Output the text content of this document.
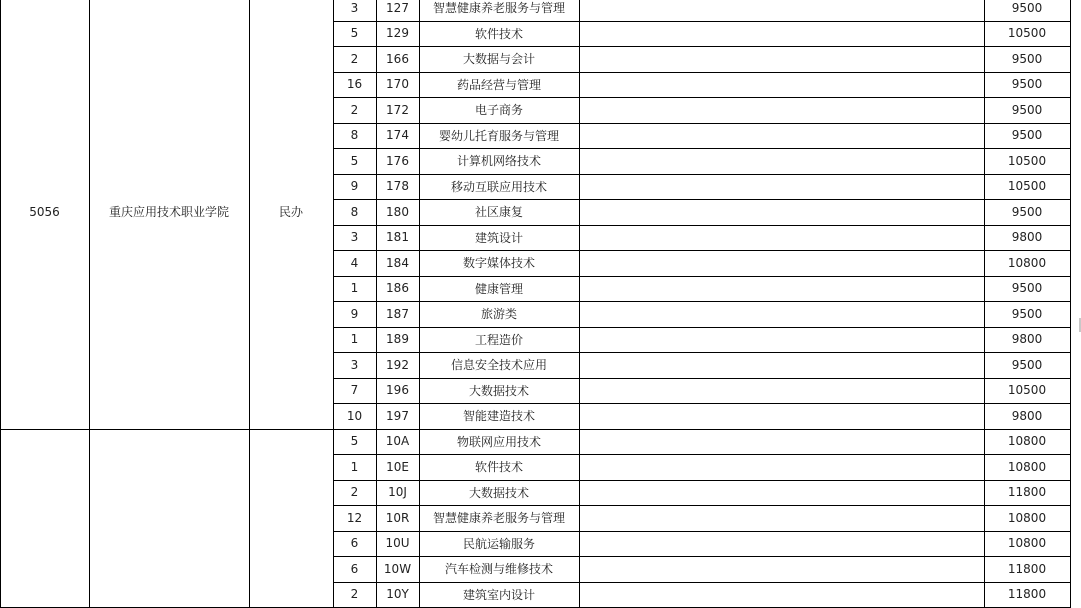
5056	重庆应用技术职业学院	民办
3	127	智慧健康养老服务与管理	9500
5	129	软件技术	10500
2	166	大数据与会计	9500
16	170	药品经营与管理	9500
2	172	电子商务	9500
8	174	婴幼儿托育服务与管理	9500
5	176	计算机网络技术	10500
9	178	移动互联应用技术	10500
8	180	社区康复	9500
3	181	建筑设计	9800
4	184	数字媒体技术	10800
1	186	健康管理	9500
9	187	旅游类	9500
1	189	工程造价	9800
3	192	信息安全技术应用	9500
7	196	大数据技术	10500
10	197	智能建造技术	9800
5	10A	物联网应用技术	10800
1	10E	软件技术	10800
2	10J	大数据技术	11800
12	10R	智慧健康养老服务与管理	10800
6	10U	民航运输服务	10800
6	10W	汽车检测与维修技术	11800
2	10Y	建筑室内设计	11800
